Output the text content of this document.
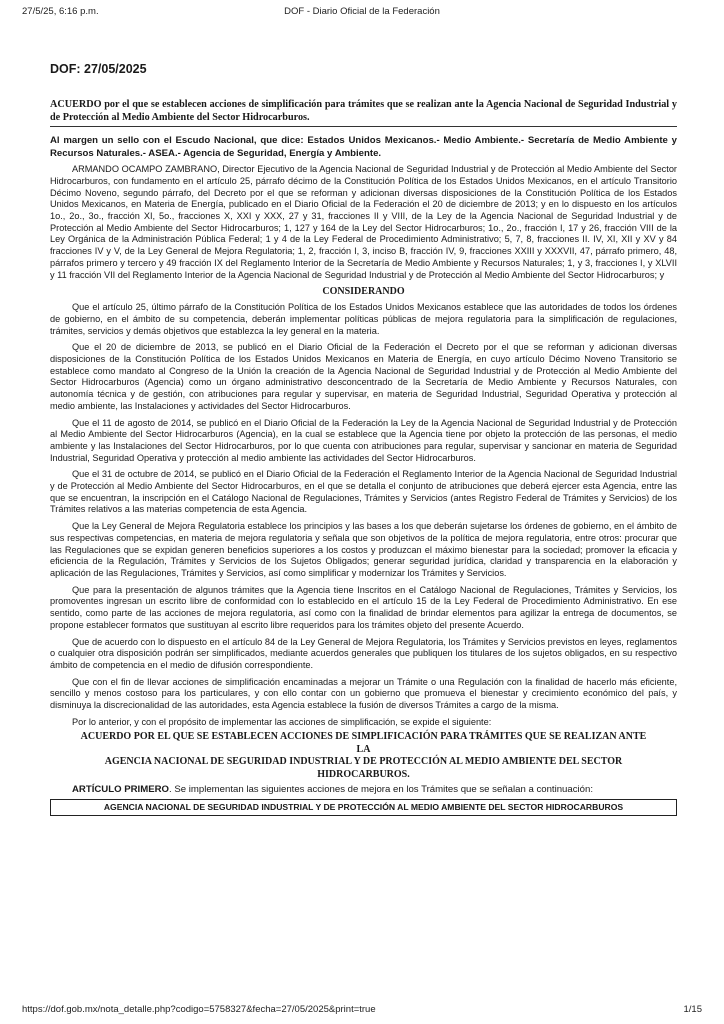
27/5/25, 6:16 p.m.	DOF - Diario Oficial de la Federación
DOF: 27/05/2025
ACUERDO por el que se establecen acciones de simplificación para trámites que se realizan ante la Agencia Nacional de Seguridad Industrial y de Protección al Medio Ambiente del Sector Hidrocarburos.
Al margen un sello con el Escudo Nacional, que dice: Estados Unidos Mexicanos.- Medio Ambiente.- Secretaría de Medio Ambiente y Recursos Naturales.- ASEA.- Agencia de Seguridad, Energía y Ambiente.

ARMANDO OCAMPO ZAMBRANO, Director Ejecutivo de la Agencia Nacional de Seguridad Industrial y de Protección al Medio Ambiente del Sector Hidrocarburos, con fundamento en el artículo 25, párrafo décimo de la Constitución Política de los Estados Unidos Mexicanos, en el artículo Transitorio Décimo Noveno, segundo párrafo, del Decreto por el que se reforman y adicionan diversas disposiciones de la Constitución Política de los Estados Unidos Mexicanos, en Materia de Energía, publicado en el Diario Oficial de la Federación el 20 de diciembre de 2013; y en lo dispuesto en los artículos 1o., 2o., 3o., fracción XI, 5o., fracciones X, XXI y XXX, 27 y 31, fracciones II y VIII, de la Ley de la Agencia Nacional de Seguridad Industrial y de Protección al Medio Ambiente del Sector Hidrocarburos; 1, 127 y 164 de la Ley del Sector Hidrocarburos; 1o., 2o., fracción I, 17 y 26, fracción VIII de la Ley Orgánica de la Administración Pública Federal; 1 y 4 de la Ley Federal de Procedimiento Administrativo; 5, 7, 8, fracciones II. IV, XI, XII y XV y 84 fracciones IV y V, de la Ley General de Mejora Regulatoria; 1, 2, fracción I, 3, inciso B, fracción IV, 9, fracciones XXIII y XXXVII, 47, párrafo primero, 48, párrafos primero y tercero y 49 fracción IX del Reglamento Interior de la Secretaría de Medio Ambiente y Recursos Naturales; 1, y 3, fracciones I, y XLVII y 11 fracción VII del Reglamento Interior de la Agencia Nacional de Seguridad Industrial y de Protección al Medio Ambiente del Sector Hidrocarburos; y

CONSIDERANDO

Que el artículo 25, último párrafo de la Constitución Política de los Estados Unidos Mexicanos establece que las autoridades de todos los órdenes de gobierno, en el ámbito de su competencia, deberán implementar políticas públicas de mejora regulatoria para la simplificación de regulaciones, trámites, servicios y demás objetivos que establezca la ley general en la materia.

Que el 20 de diciembre de 2013, se publicó en el Diario Oficial de la Federación el Decreto por el que se reforman y adicionan diversas disposiciones de la Constitución Política de los Estados Unidos Mexicanos en Materia de Energía, en cuyo artículo Décimo Noveno Transitorio se establece como mandato al Congreso de la Unión la creación de la Agencia Nacional de Seguridad Industrial y de Protección al Medio Ambiente del Sector Hidrocarburos (Agencia) como un órgano administrativo desconcentrado de la Secretaría de Medio Ambiente y Recursos Naturales, con autonomía técnica y de gestión, con atribuciones para regular y supervisar, en materia de Seguridad Industrial, Seguridad Operativa y protección al medio ambiente, las Instalaciones y actividades del Sector Hidrocarburos.

Que el 11 de agosto de 2014, se publicó en el Diario Oficial de la Federación la Ley de la Agencia Nacional de Seguridad Industrial y de Protección al Medio Ambiente del Sector Hidrocarburos (Agencia), en la cual se establece que la Agencia tiene por objeto la protección de las personas, el medio ambiente y las Instalaciones del Sector Hidrocarburos, por lo que cuenta con atribuciones para regular, supervisar y sancionar en materia de Seguridad Industrial, Seguridad Operativa y protección al medio ambiente las actividades del Sector Hidrocarburos.

Que el 31 de octubre de 2014, se publicó en el Diario Oficial de la Federación el Reglamento Interior de la Agencia Nacional de Seguridad Industrial y de Protección al Medio Ambiente del Sector Hidrocarburos, en el que se detalla el conjunto de atribuciones que deberá ejercer esta Agencia, entre las que se encuentran, la inscripción en el Catálogo Nacional de Regulaciones, Trámites y Servicios (antes Registro Federal de Trámites y Servicios) de los Trámites relativos a las materias competencia de esta Agencia.

Que la Ley General de Mejora Regulatoria establece los principios y las bases a los que deberán sujetarse los órdenes de gobierno, en el ámbito de sus respectivas competencias, en materia de mejora regulatoria y señala que son objetivos de la política de mejora regulatoria, entre otros: procurar que las Regulaciones que se expidan generen beneficios superiores a los costos y produzcan el máximo bienestar para la sociedad; promover la eficacia y eficiencia de la Regulación, Trámites y Servicios de los Sujetos Obligados; generar seguridad jurídica, claridad y transparencia en la elaboración y aplicación de las Regulaciones, Trámites y Servicios, así como simplificar y modernizar los Trámites y Servicios.

Que para la presentación de algunos trámites que la Agencia tiene Inscritos en el Catálogo Nacional de Regulaciones, Trámites y Servicios, los promoventes ingresan un escrito libre de conformidad con lo establecido en el artículo 15 de la Ley Federal de Procedimiento Administrativo. En ese sentido, como parte de las acciones de mejora regulatoria, así como con la finalidad de brindar elementos para agilizar la entrega de documentos, se propone establecer formatos que sustituyan al escrito libre requeridos para los trámites objeto del presente Acuerdo.

Que de acuerdo con lo dispuesto en el artículo 84 de la Ley General de Mejora Regulatoria, los Trámites y Servicios previstos en leyes, reglamentos o cualquier otra disposición podrán ser simplificados, mediante acuerdos generales que publiquen los titulares de los sujetos obligados, en su respectivo ámbito de competencia en el medio de difusión correspondiente.

Que con el fin de llevar acciones de simplificación encaminadas a mejorar un Trámite o una Regulación con la finalidad de hacerlo más eficiente, sencillo y menos costoso para los particulares, y con ello contar con un gobierno que promueva el bienestar y crecimiento económico del país, y disminuya la discrecionalidad de las autoridades, esta Agencia establece la fusión de diversos Trámites a cargo de la misma.

Por lo anterior, y con el propósito de implementar las acciones de simplificación, se expide el siguiente:

ACUERDO POR EL QUE SE ESTABLECEN ACCIONES DE SIMPLIFICACIÓN PARA TRÁMITES QUE SE REALIZAN ANTE
LA
AGENCIA NACIONAL DE SEGURIDAD INDUSTRIAL Y DE PROTECCIÓN AL MEDIO AMBIENTE DEL SECTOR
HIDROCARBUROS.
ARTÍCULO PRIMERO. Se implementan las siguientes acciones de mejora en los Trámites que se señalan a continuación:
AGENCIA NACIONAL DE SEGURIDAD INDUSTRIAL Y DE PROTECCIÓN AL MEDIO AMBIENTE DEL SECTOR HIDROCARBUROS
https://dof.gob.mx/nota_detalle.php?codigo=5758327&fecha=27/05/2025&print=true	1/15
